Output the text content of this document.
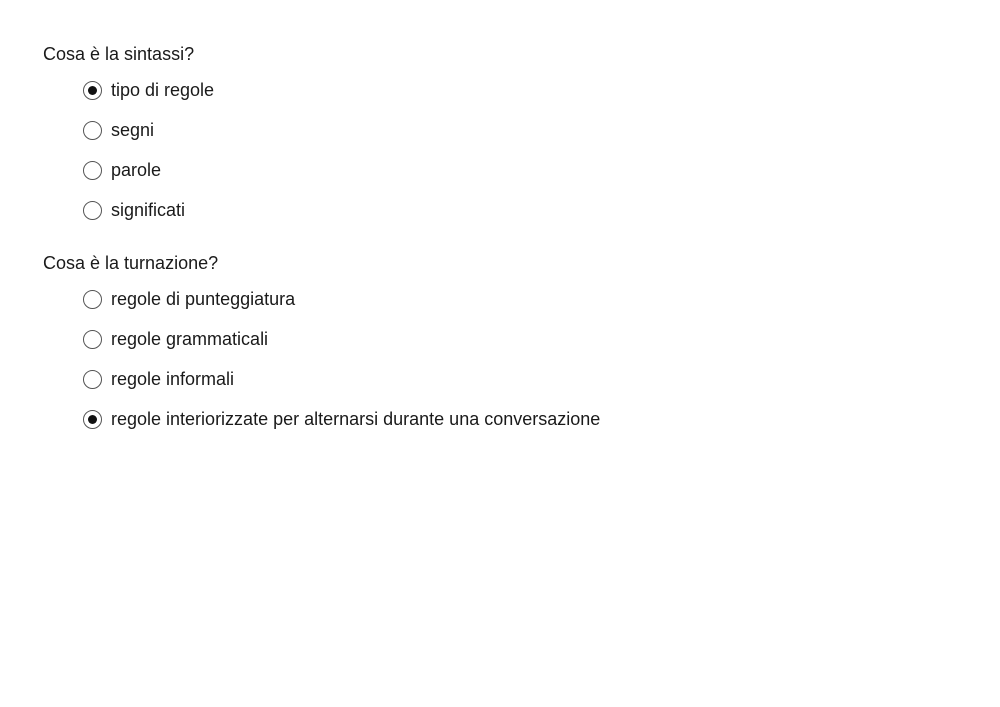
Cosa è la sintassi?
tipo di regole
segni
parole
significati
Cosa è la turnazione?
regole di punteggiatura
regole grammaticali
regole informali
regole interiorizzate per alternarsi durante una conversazione
